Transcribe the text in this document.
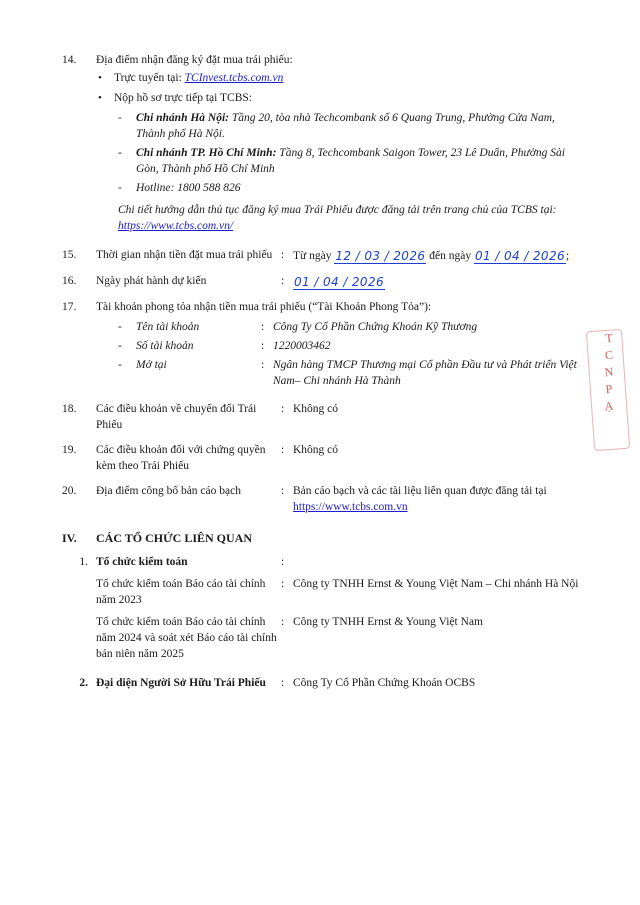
T
C
N
P
Ạ
14.	Địa điểm nhận đăng ký đặt mua trái phiếu:
•	Trực tuyến tại: TCInvest.tcbs.com.vn
•	Nộp hồ sơ trực tiếp tại TCBS:
-	Chi nhánh Hà Nội: Tầng 20, tòa nhà Techcombank số 6 Quang Trung, Phường Cửa Nam, Thành phố Hà Nội.
-	Chi nhánh TP. Hồ Chí Minh: Tầng 8, Techcombank Saigon Tower, 23 Lê Duẩn, Phường Sài Gòn, Thành phố Hồ Chí Minh
-	Hotline: 1800 588 826
Chi tiết hướng dẫn thủ tục đăng ký mua Trái Phiếu được đăng tải trên trang chủ của TCBS tại:
https://www.tcbs.com.vn/
15.	Thời gian nhận tiền đặt mua trái phiếu : Từ ngày 12 / 03 / 2026 đến ngày 01 / 04 / 2026;
16.	Ngày phát hành dự kiến	: 01 / 04 / 2026
17.	Tài khoản phong tỏa nhận tiền mua trái phiếu (“Tài Khoản Phong Tỏa”):
-	Tên tài khoản	: Công Ty Cổ Phần Chứng Khoán Kỹ Thương
-	Số tài khoản	: 1220003462
-	Mở tại	: Ngân hàng TMCP Thương mại Cổ phần Đầu tư và Phát triển Việt Nam– Chi nhánh Hà Thành
18.	Các điều khoản về chuyển đổi Trái Phiếu
: Không có
19.	Các điều khoản đối với chứng quyền kèm theo Trái Phiếu
: Không có
20.	Địa điểm công bố bản cáo bạch	: Bản cáo bạch và các tài liệu liên quan được đăng tải tại
https://www.tcbs.com.vn
IV.	CÁC TỔ CHỨC LIÊN QUAN
1. Tổ chức kiểm toán	:
Tổ chức kiểm toán Báo cáo tài chính năm 2023
: Công ty TNHH Ernst & Young Việt Nam – Chi nhánh Hà Nội
Tổ chức kiểm toán Báo cáo tài chính năm 2024 và soát xét Báo cáo tài chính bán niên năm 2025
: Công ty TNHH Ernst & Young Việt Nam
2. Đại diện Người Sở Hữu Trái Phiếu	: Công Ty Cổ Phần Chứng Khoán OCBS
